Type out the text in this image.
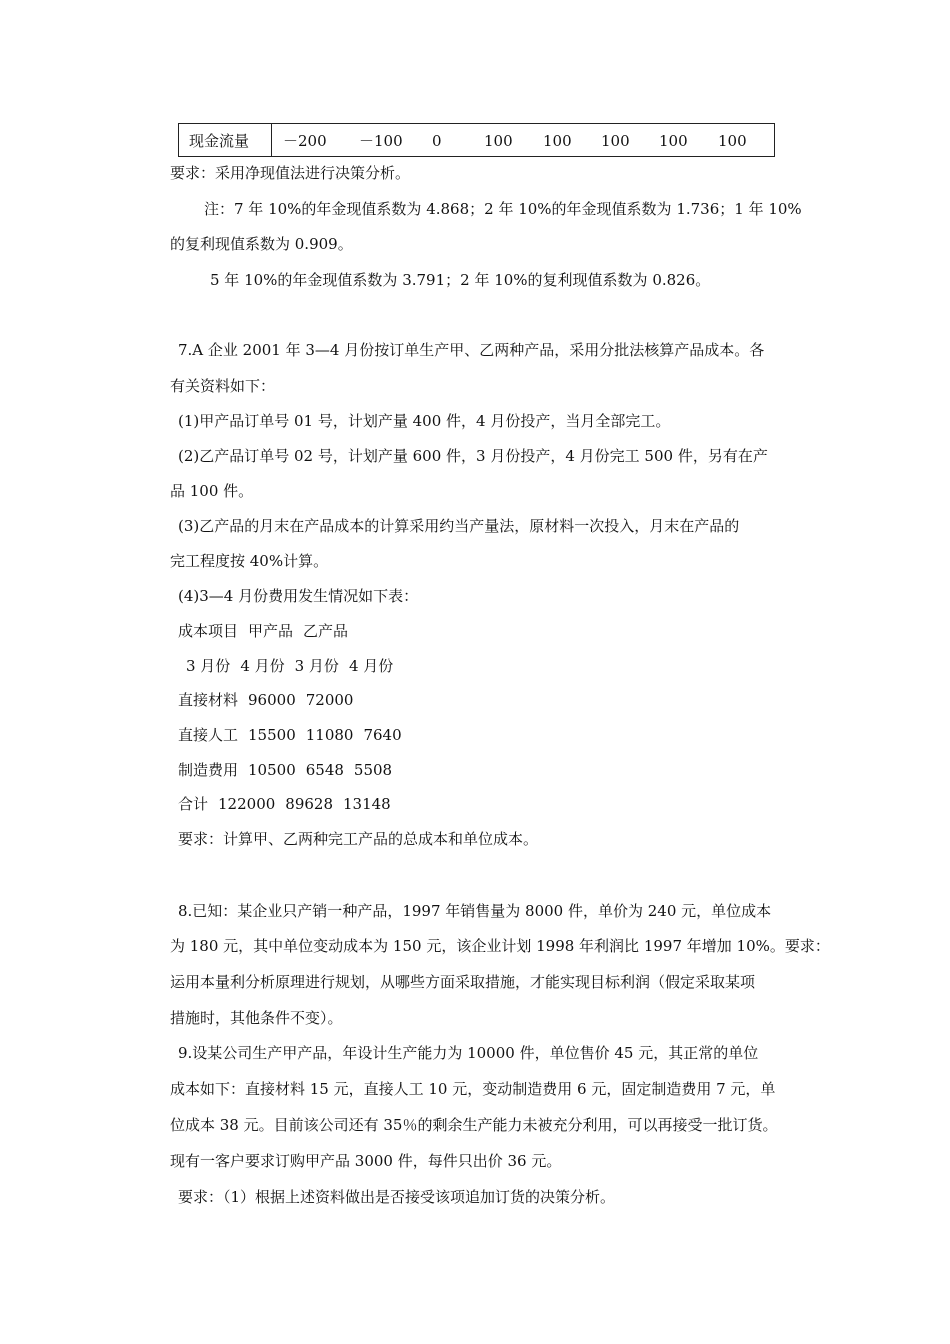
现金流量 －200 －100 0	100 100 100 100 100
要求：采用净现值法进行决策分析。
注：7 年 10%的年金现值系数为 4.868；2 年 10%的年金现值系数为 1.736；1 年 10%
的复利现值系数为 0.909。
5 年 10%的年金现值系数为 3.791；2 年 10%的复利现值系数为 0.826。
7.A 企业 2001 年 3—4 月份按订单生产甲、乙两种产品，采用分批法核算产品成本。各
有关资料如下：
(1)甲产品订单号 01 号，计划产量 400 件，4 月份投产，当月全部完工。
(2)乙产品订单号 02 号，计划产量 600 件，3 月份投产，4 月份完工 500 件，另有在产
品 100 件。
(3)乙产品的月末在产品成本的计算采用约当产量法，原材料一次投入，月末在产品的
完工程度按 40%计算。
(4)3—4 月份费用发生情况如下表：
成本项目 甲产品 乙产品
3 月份 4 月份 3 月份 4 月份
直接材料 96000 72000
直接人工 15500 11080 7640
制造费用 10500 6548 5508
合计 122000 89628 13148
要求：计算甲、乙两种完工产品的总成本和单位成本。
8.已知：某企业只产销一种产品，1997 年销售量为 8000 件，单价为 240 元，单位成本
为 180 元，其中单位变动成本为 150 元，该企业计划 1998 年利润比 1997 年增加 10%。要求：
运用本量利分析原理进行规划，从哪些方面采取措施，才能实现目标利润（假定采取某项
措施时，其他条件不变）。
9.设某公司生产甲产品，年设计生产能力为 10000 件，单位售价 45 元，其正常的单位
成本如下：直接材料 15 元，直接人工 10 元，变动制造费用 6 元，固定制造费用 7 元，单
位成本 38 元。目前该公司还有 35％的剩余生产能力未被充分利用，可以再接受一批订货。
现有一客户要求订购甲产品 3000 件，每件只出价 36 元。
要求：（1）根据上述资料做出是否接受该项追加订货的决策分析。
